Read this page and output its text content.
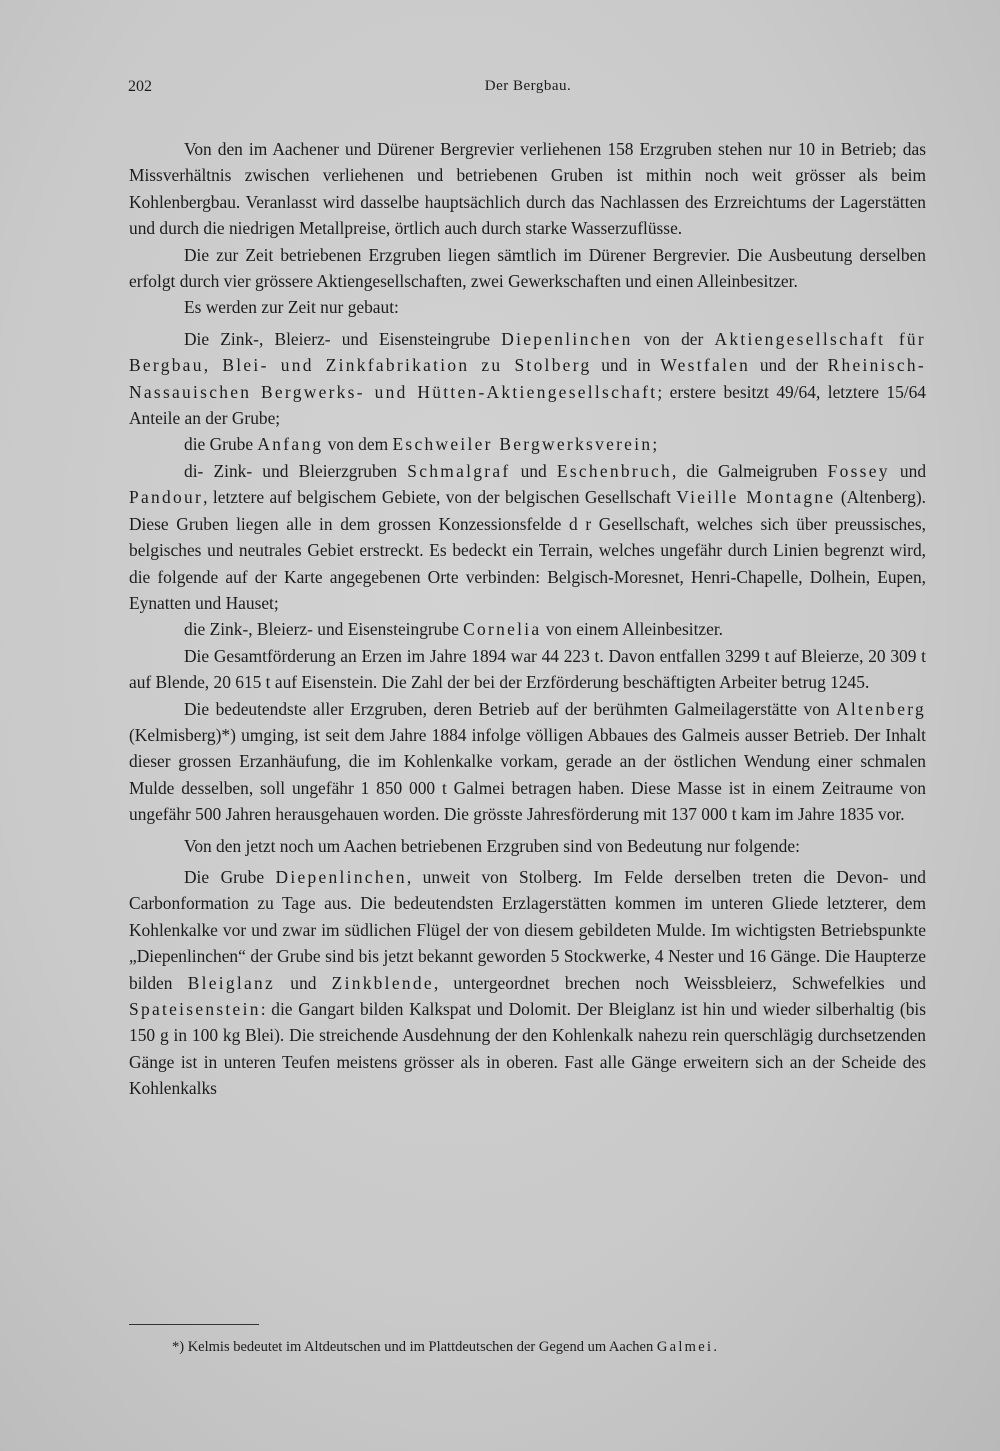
202	Der Bergbau.

Von den im Aachener und Dürener Bergrevier verliehenen 158 Erzgruben stehen nur 10 in Betrieb; das Missverhältnis zwischen verliehenen und betriebenen Gruben ist mithin noch weit grösser als beim Kohlenbergbau. Veranlasst wird dasselbe hauptsächlich durch das Nachlassen des Erzreichtums der Lagerstätten und durch die niedrigen Metallpreise, örtlich auch durch starke Wasserzuflüsse.

Die zur Zeit betriebenen Erzgruben liegen sämtlich im Dürener Bergrevier. Die Ausbeutung derselben erfolgt durch vier grössere Aktiengesellschaften, zwei Gewerkschaften und einen Alleinbesitzer.

Es werden zur Zeit nur gebaut:

Die Zink-, Bleierz- und Eisensteingrube Diepenlinchen von der Aktiengesellschaft für Bergbau, Blei- und Zinkfabrikation zu Stolberg und in Westfalen und der Rheinisch-Nassauischen Bergwerks- und Hütten-Aktiengesellschaft; erstere besitzt 49/64, letztere 15/64 Anteile an der Grube;

die Grube Anfang von dem Eschweiler Bergwerksverein;

di- Zink- und Bleierzgruben Schmalgraf und Eschenbruch, die Galmeigruben Fossey und Pandour, letztere auf belgischem Gebiete, von der belgischen Gesellschaft Vieille Montagne (Altenberg). Diese Gruben liegen alle in dem grossen Konzessionsfelde d r Gesellschaft, welches sich über preussisches, belgisches und neutrales Gebiet erstreckt. Es bedeckt ein Terrain, welches ungefähr durch Linien begrenzt wird, die folgende auf der Karte angegebenen Orte verbinden: Belgisch-Moresnet, Henri-Chapelle, Dolhein, Eupen, Eynatten und Hauset;

die Zink-, Bleierz- und Eisensteingrube Cornelia von einem Alleinbesitzer.

Die Gesamtförderung an Erzen im Jahre 1894 war 44 223 t. Davon entfallen 3299 t auf Bleierze, 20 309 t auf Blende, 20 615 t auf Eisenstein. Die Zahl der bei der Erzförderung beschäftigten Arbeiter betrug 1245.

Die bedeutendste aller Erzgruben, deren Betrieb auf der berühmten Galmeilagerstätte von Altenberg (Kelmisberg)*) umging, ist seit dem Jahre 1884 infolge völligen Abbaues des Galmeis ausser Betrieb. Der Inhalt dieser grossen Erzanhäufung, die im Kohlenkalke vorkam, gerade an der östlichen Wendung einer schmalen Mulde desselben, soll ungefähr 1 850 000 t Galmei betragen haben. Diese Masse ist in einem Zeitraume von ungefähr 500 Jahren herausgehauen worden. Die grösste Jahresförderung mit 137 000 t kam im Jahre 1835 vor.

Von den jetzt noch um Aachen betriebenen Erzgruben sind von Bedeutung nur folgende:

Die Grube Diepenlinchen, unweit von Stolberg. Im Felde derselben treten die Devon- und Carbonformation zu Tage aus. Die bedeutendsten Erzlagerstätten kommen im unteren Gliede letzterer, dem Kohlenkalke vor und zwar im südlichen Flügel der von diesem gebildeten Mulde. Im wichtigsten Betriebspunkte „Diepenlinchen“ der Grube sind bis jetzt bekannt geworden 5 Stockwerke, 4 Nester und 16 Gänge. Die Haupterze bilden Bleiglanz und Zinkblende, untergeordnet brechen noch Weissbleierz, Schwefelkies und Spateisenstein: die Gangart bilden Kalkspat und Dolomit. Der Bleiglanz ist hin und wieder silberhaltig (bis 150 g in 100 kg Blei). Die streichende Ausdehnung der den Kohlenkalk nahezu rein querschlägig durchsetzenden Gänge ist in unteren Teufen meistens grösser als in oberen. Fast alle Gänge erweitern sich an der Scheide des Kohlenkalks

*) Kelmis bedeutet im Altdeutschen und im Plattdeutschen der Gegend um Aachen Galmei.
